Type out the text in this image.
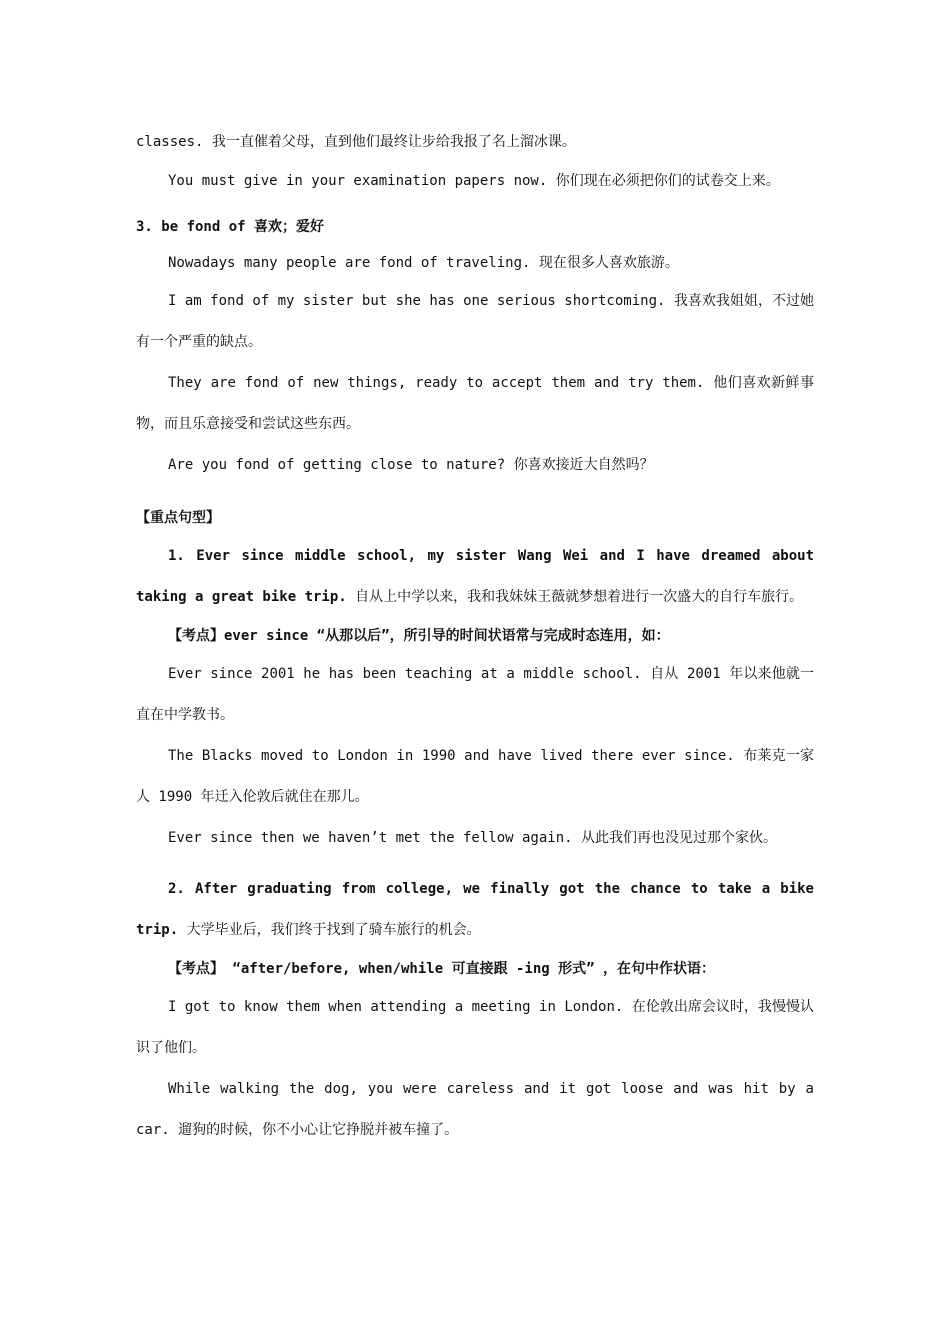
classes. 我一直催着父母，直到他们最终让步给我报了名上溜冰课。

You must give in your examination papers now. 你们现在必须把你们的试卷交上来。

3. be fond of 喜欢；爱好

Nowadays many people are fond of traveling. 现在很多人喜欢旅游。

I am fond of my sister but she has one serious shortcoming. 我喜欢我姐姐，不过她有一个严重的缺点。

They are fond of new things, ready to accept them and try them. 他们喜欢新鲜事物，而且乐意接受和尝试这些东西。

Are you fond of getting close to nature? 你喜欢接近大自然吗？

【重点句型】

1. Ever since middle school, my sister Wang Wei and I have dreamed about taking a great bike trip. 自从上中学以来，我和我妹妹王薇就梦想着进行一次盛大的自行车旅行。

【考点】ever since “从那以后”，所引导的时间状语常与完成时态连用，如：

Ever since 2001 he has been teaching at a middle school. 自从 2001 年以来他就一直在中学教书。

The Blacks moved to London in 1990 and have lived there ever since. 布莱克一家人 1990 年迁入伦敦后就住在那儿。

Ever since then we haven’t met the fellow again. 从此我们再也没见过那个家伙。

2. After graduating from college, we finally got the chance to take a bike trip. 大学毕业后，我们终于找到了骑车旅行的机会。

【考点】 “after/before, when/while 可直接跟 -ing 形式” ，在句中作状语：

I got to know them when attending a meeting in London. 在伦敦出席会议时，我慢慢认识了他们。

While walking the dog, you were careless and it got loose and was hit by a car. 遛狗的时候，你不小心让它挣脱并被车撞了。
